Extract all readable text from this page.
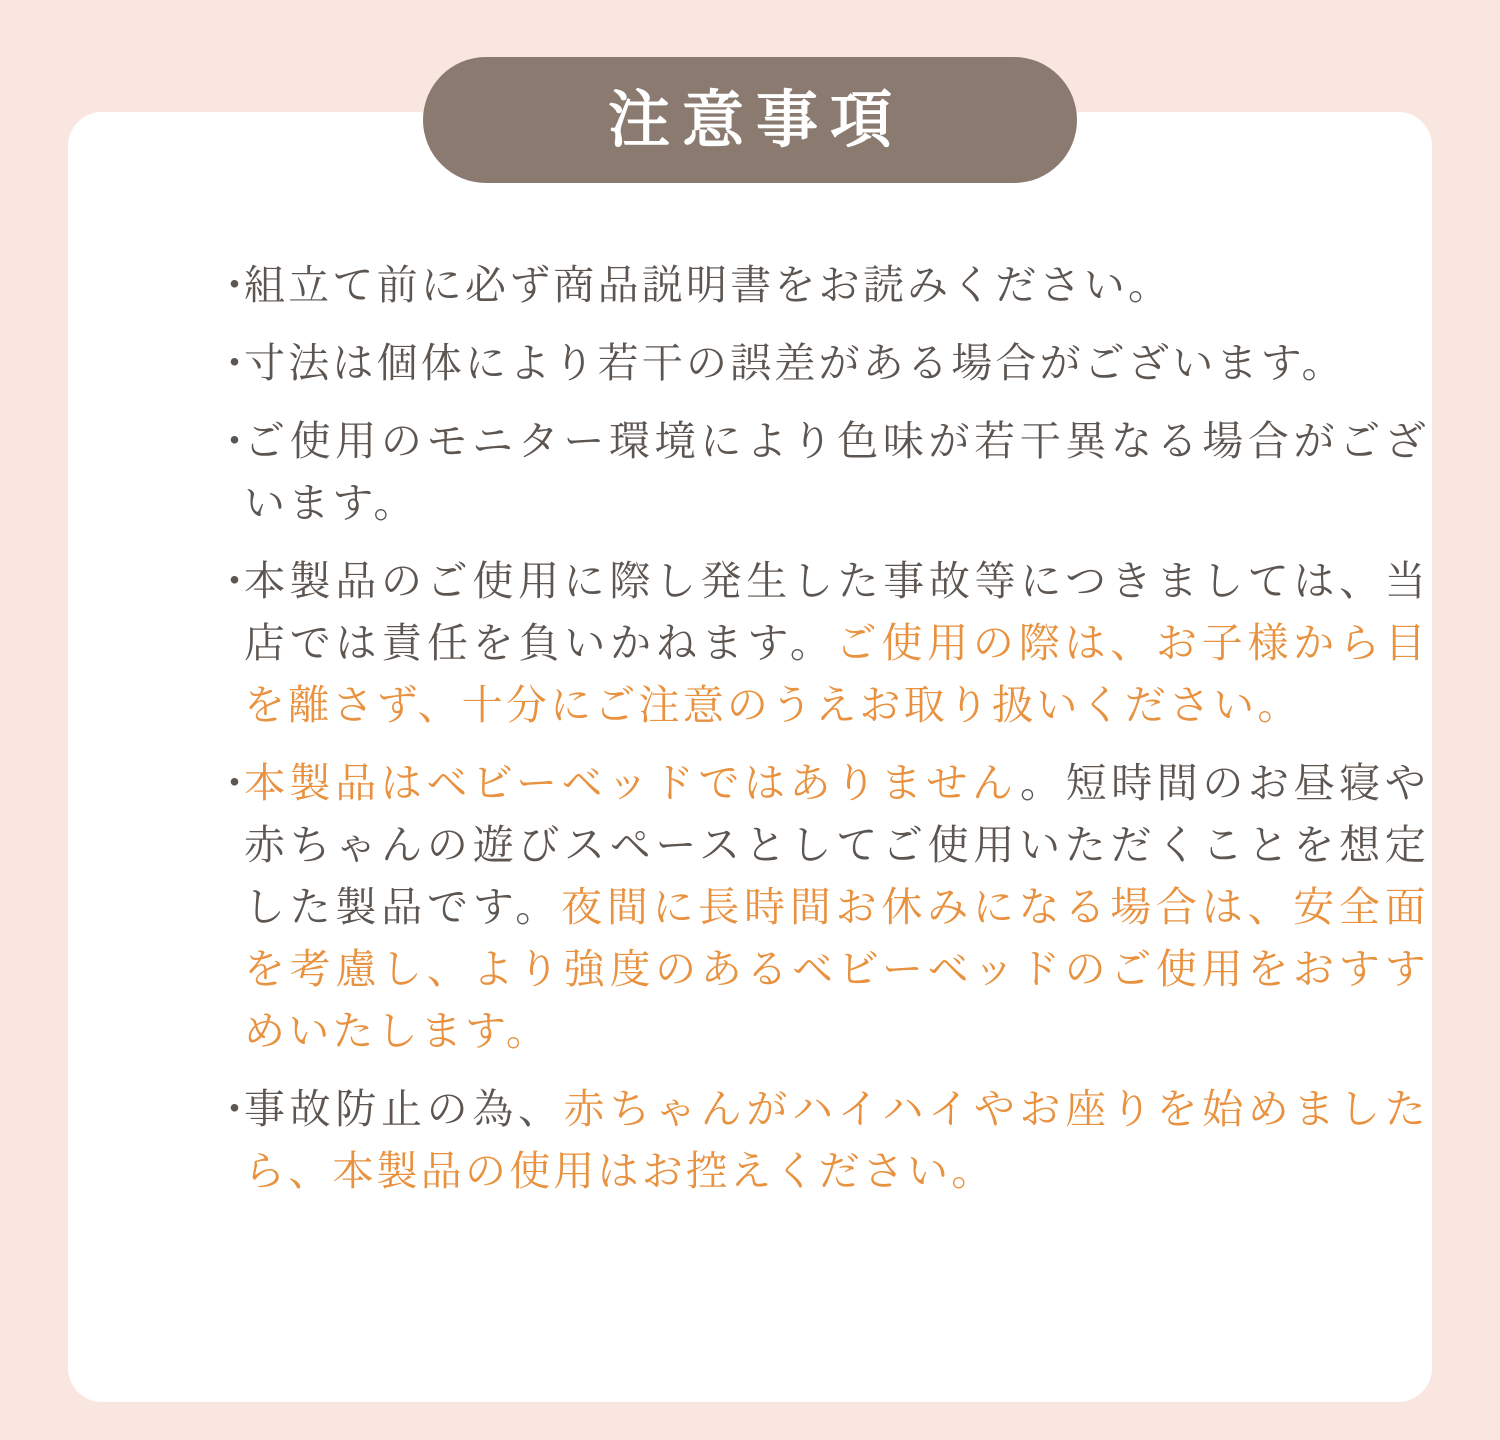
・
組立て前に必ず商品説明書をお読みください。
・
寸法は個体により若干の誤差がある場合がございます。
・
ご使用のモニター環境により色味が若干異なる場合がございます。
・
本製品のご使用に際し発生した事故等につきましては、当店では責任を負いかねます。ご使用の際は、お子様から目を離さず、十分にご注意のうえお取り扱いください。
・
本製品はベビーベッドではありません。短時間のお昼寝や赤ちゃんの遊びスペースとしてご使用いただくことを想定した製品です。夜間に長時間お休みになる場合は、安全面を考慮し、より強度のあるベビーベッドのご使用をおすすめいたします。
・
事故防止の為、赤ちゃんがハイハイやお座りを始めましたら、本製品の使用はお控えください。
注意事項
